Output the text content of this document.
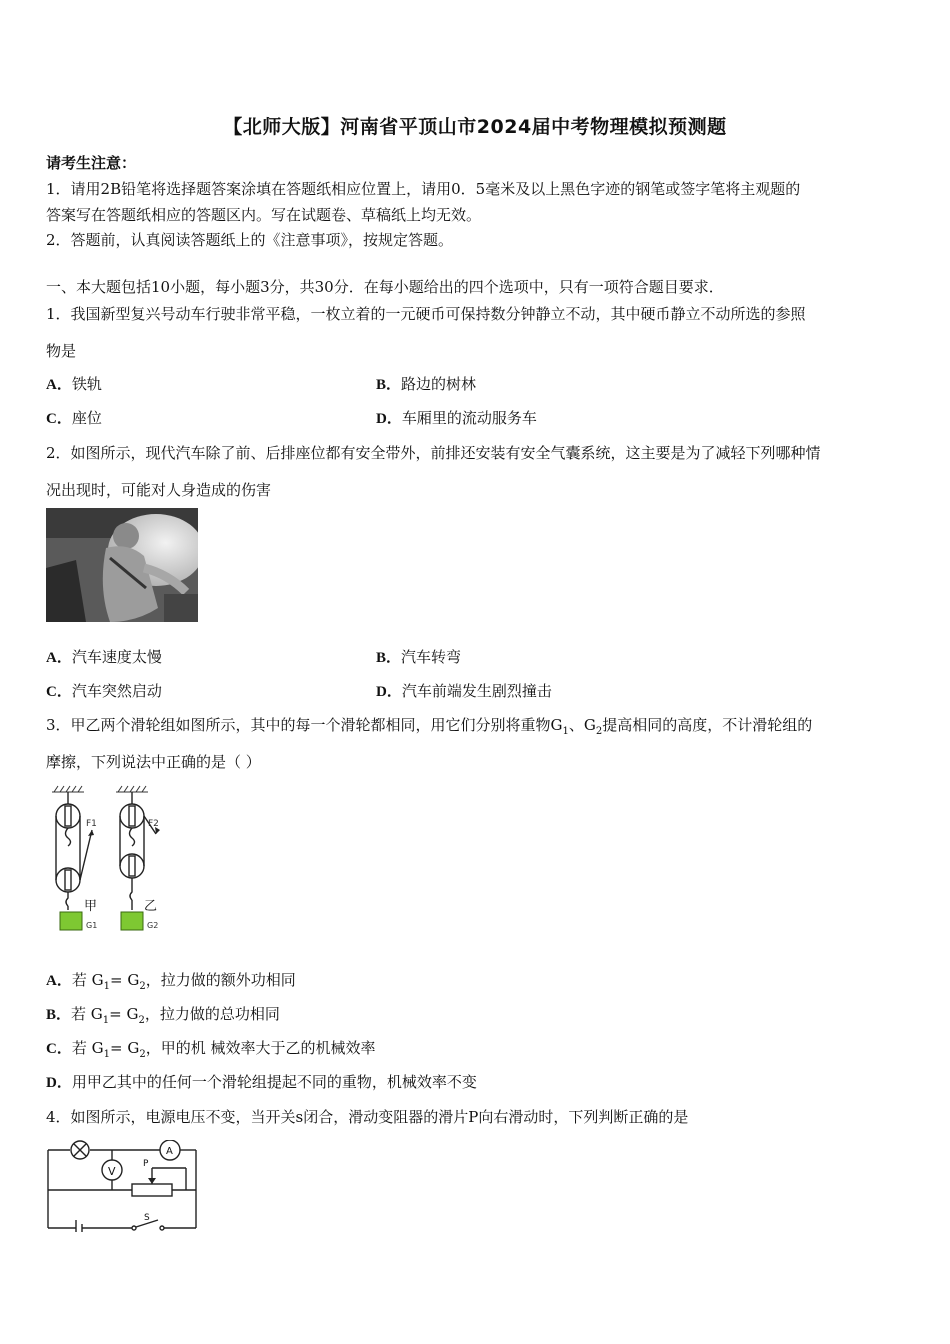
【北师大版】河南省平顶山市2024届中考物理模拟预测题
请考生注意：
1．请用2B铅笔将选择题答案涂填在答题纸相应位置上，请用0．5毫米及以上黑色字迹的钢笔或签字笔将主观题的
答案写在答题纸相应的答题区内。写在试题卷、草稿纸上均无效。
2．答题前，认真阅读答题纸上的《注意事项》，按规定答题。
一、本大题包括10小题，每小题3分，共30分．在每小题给出的四个选项中，只有一项符合题目要求．
1．我国新型复兴号动车行驶非常平稳，一枚立着的一元硬币可保持数分钟静立不动，其中硬币静立不动所选的参照
物是
A．铁轨	B．路边的树林
C．座位	D．车厢里的流动服务车
2．如图所示，现代汽车除了前、后排座位都有安全带外，前排还安装有安全气囊系统，这主要是为了减轻下列哪种情
况出现时，可能对人身造成的伤害
A．汽车速度太慢	B．汽车转弯
C．汽车突然启动	D．汽车前端发生剧烈撞击
3．甲乙两个滑轮组如图所示，其中的每一个滑轮都相同，用它们分别将重物$G_1$、$G_2$提高相同的高度，不计滑轮组的
摩擦，下列说法中正确的是（ ）
F1	F2
甲	乙
G1	G2
A．若 $G_1= G_2$，拉力做的额外功相同
B．若 $G_1= G_2$，拉力做的总功相同
C．若 $G_1= G_2$，甲的机 械效率大于乙的机械效率
D．用甲乙其中的任何一个滑轮组提起不同的重物，机械效率不变
4．如图所示，电源电压不变，当开关s闭合，滑动变阻器的滑片P向右滑动时，下列判断正确的是
V
A
P
S
